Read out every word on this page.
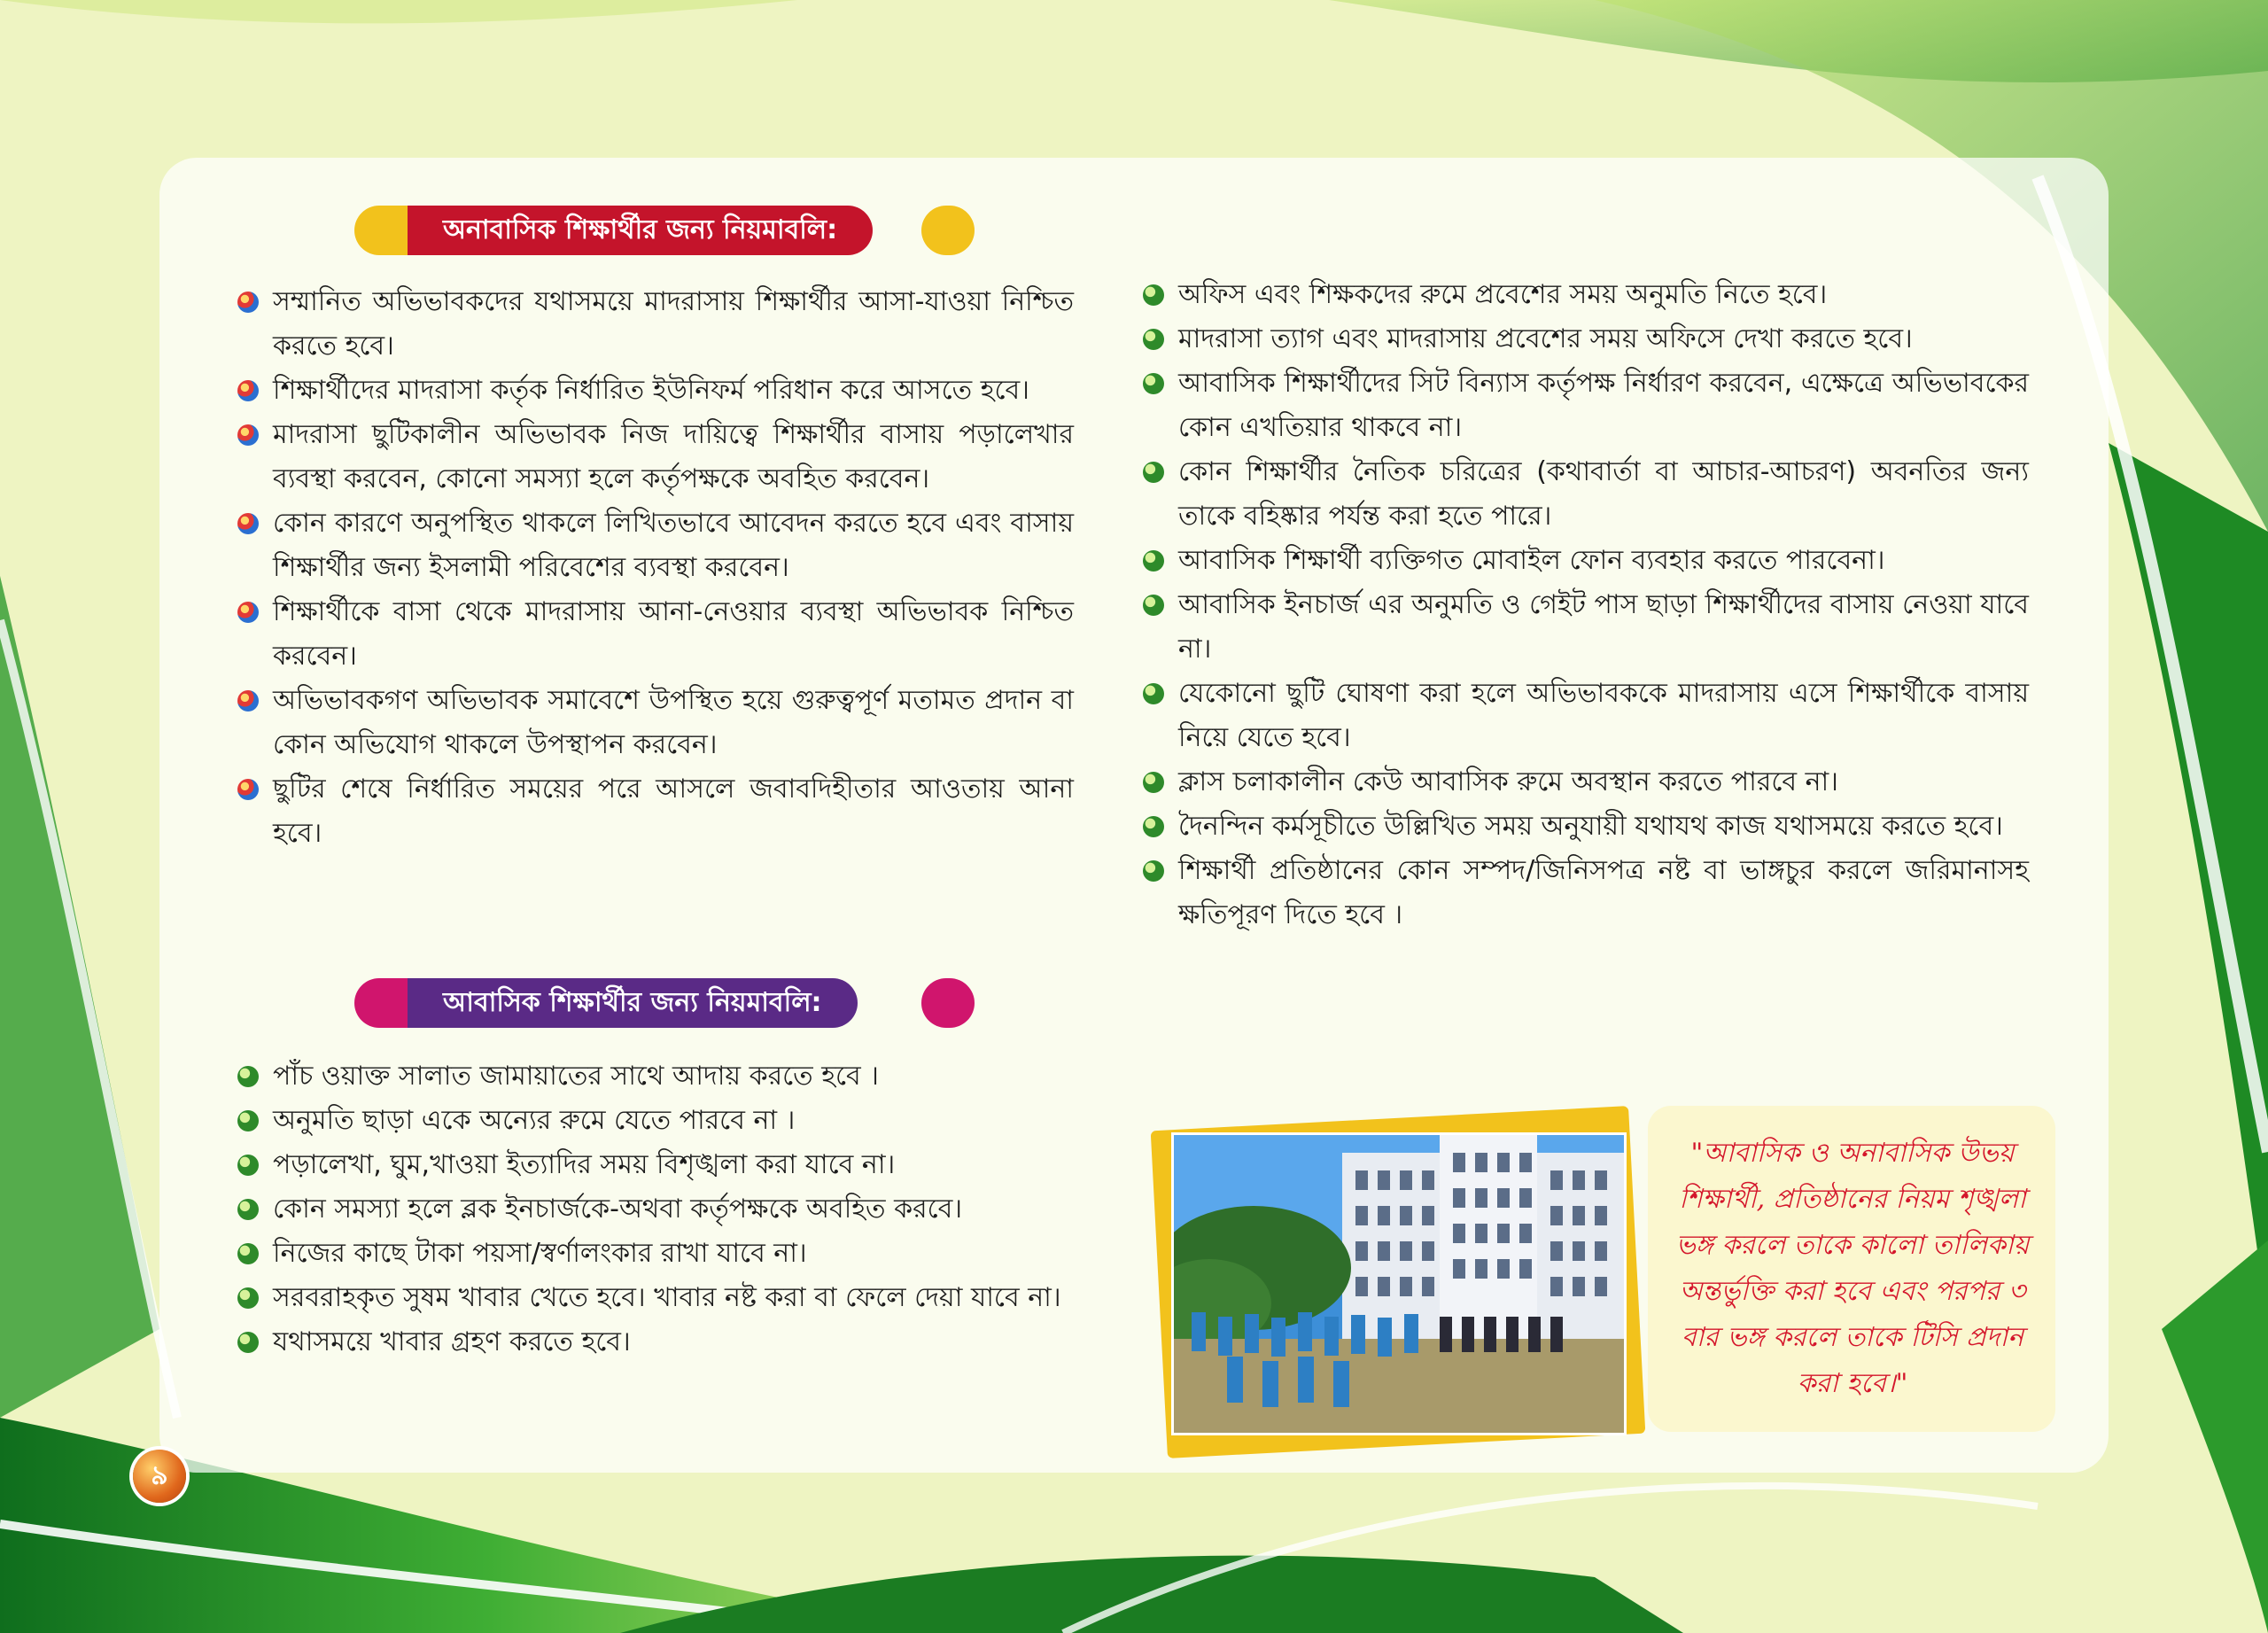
অনাবাসিক শিক্ষার্থীর জন্য নিয়মাবলি:
সম্মানিত অভিভাবকদের যথাসময়ে মাদরাসায় শিক্ষার্থীর আসা-যাওয়া নিশ্চিত করতে হবে।
শিক্ষার্থীদের মাদরাসা কর্তৃক নির্ধারিত ইউনিফর্ম পরিধান করে আসতে হবে।
মাদরাসা ছুটিকালীন অভিভাবক নিজ দায়িত্বে শিক্ষার্থীর বাসায় পড়ালেখার ব্যবস্থা করবেন, কোনো সমস্যা হলে কর্তৃপক্ষকে অবহিত করবেন।
কোন কারণে অনুপস্থিত থাকলে লিখিতভাবে আবেদন করতে হবে এবং বাসায় শিক্ষার্থীর জন্য ইসলামী পরিবেশের ব্যবস্থা করবেন।
শিক্ষার্থীকে বাসা থেকে মাদরাসায় আনা-নেওয়ার ব্যবস্থা অভিভাবক নিশ্চিত করবেন।
অভিভাবকগণ অভিভাবক সমাবেশে উপস্থিত হয়ে গুরুত্বপূর্ণ মতামত প্রদান বা কোন অভিযোগ থাকলে উপস্থাপন করবেন।
ছুটির শেষে নির্ধারিত সময়ের পরে আসলে জবাবদিহীতার আওতায় আনা হবে।
আবাসিক শিক্ষার্থীর জন্য নিয়মাবলি:
পাঁচ ওয়াক্ত সালাত জামায়াতের সাথে আদায় করতে হবে ।
অনুমতি ছাড়া একে অন্যের রুমে যেতে পারবে না ।
পড়ালেখা, ঘুম,খাওয়া ইত্যাদির সময় বিশৃঙ্খলা করা যাবে না।
কোন সমস্যা হলে ব্লক ইনচার্জকে-অথবা কর্তৃপক্ষকে অবহিত করবে।
নিজের কাছে টাকা পয়সা/স্বর্ণালংকার রাখা যাবে না।
সরবরাহকৃত সুষম খাবার খেতে হবে। খাবার নষ্ট করা বা ফেলে দেয়া যাবে না।
যথাসময়ে খাবার গ্রহণ করতে হবে।
অফিস এবং শিক্ষকদের রুমে প্রবেশের সময় অনুমতি নিতে হবে।
মাদরাসা ত্যাগ এবং মাদরাসায় প্রবেশের সময় অফিসে দেখা করতে হবে।
আবাসিক শিক্ষার্থীদের সিট বিন্যাস কর্তৃপক্ষ নির্ধারণ করবেন, এক্ষেত্রে অভিভাবকের কোন এখতিয়ার থাকবে না।
কোন শিক্ষার্থীর নৈতিক চরিত্রের (কথাবার্তা বা আচার-আচরণ) অবনতির জন্য তাকে বহিষ্কার পর্যন্ত করা হতে পারে।
আবাসিক শিক্ষার্থী ব্যক্তিগত মোবাইল ফোন ব্যবহার করতে পারবেনা।
আবাসিক ইনচার্জ এর অনুমতি ও গেইট পাস ছাড়া শিক্ষার্থীদের বাসায় নেওয়া যাবে না।
যেকোনো ছুটি ঘোষণা করা হলে অভিভাবককে মাদরাসায় এসে শিক্ষার্থীকে বাসায় নিয়ে যেতে হবে।
ক্লাস চলাকালীন কেউ আবাসিক রুমে অবস্থান করতে পারবে না।
দৈনন্দিন কর্মসূচীতে উল্লিখিত সময় অনুযায়ী যথাযথ কাজ যথাসময়ে করতে হবে।
শিক্ষার্থী প্রতিষ্ঠানের কোন সম্পদ/জিনিসপত্র নষ্ট বা ভাঙ্গচুর করলে জরিমানাসহ ক্ষতিপূরণ দিতে হবে ।

"আবাসিক ও অনাবাসিক উভয় শিক্ষার্থী, প্রতিষ্ঠানের নিয়ম শৃঙ্খলা ভঙ্গ করলে তাকে কালো তালিকায় অন্তর্ভুক্তি করা হবে এবং পরপর ৩ বার ভঙ্গ করলে তাকে টিসি প্রদান করা হবে।"

৯
